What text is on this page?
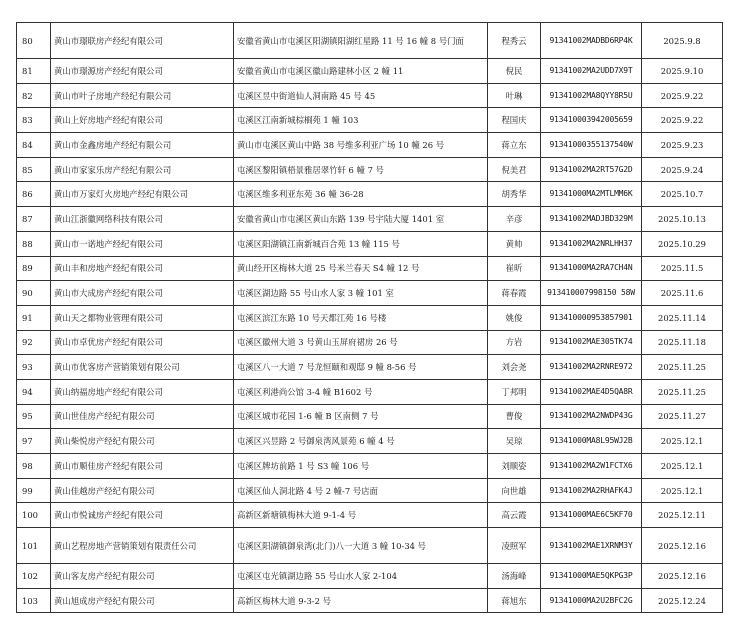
80	黄山市璟联房产经纪有限公司	安徽省黄山市屯溪区阳湖镇阳湖红星路 11 号 16 幢 8 号门面	程秀云	91341002MADBD6RP4K	2025.9.8
81	黄山市璟源房产经纪有限公司	安徽省黄山市屯溪区徽山路建林小区 2 幢 11	倪民	91341002MA2UDD7X9T	2025.9.10
82	黄山市叶子房地产经纪有限公司	屯溪区昱中街道仙人洞南路 45 号 45	叶琳	91341002MA8QYY8R5U	2025.9.22
83	黄山上好房地产经纪有限公司	屯溪区江南新城棕榈苑 1 幢 103	程国庆	913410003942005659	2025.9.22
84	黄山市金鑫房地产经纪有限公司	黄山市屯溪区黄山中路 38 号维多利亚广场 10 幢 26 号	蒋立东	91341000355137540W	2025.9.23
85	黄山市家家乐房产经纪有限公司	屯溪区黎阳镇梧景雅居翠竹轩 6 幢 7 号	倪美君	91341002MA2RT57G2D	2025.9.24
86	黄山市万家灯火房地产经纪有限公司	屯溪区维多利亚东苑 36 幢 36-28	胡秀华	91341000MA2MTLMM6K	2025.10.7
87	黄山江浙徽网络科技有限公司	安徽省黄山市屯溪区黄山东路 139 号宇陆大厦 1401 室	辛彦	91341002MADJBD329M	2025.10.13
88	黄山市一诺地产经纪有限公司	屯溪区阳湖镇江南新城百合苑 13 幢 115 号	黄帅	91341002MA2NRLHH37	2025.10.29
89	黄山丰和房地产经纪有限公司	黄山经开区梅林大道 25 号米兰春天 S4 幢 12 号	崔昕	91341000MA2RA7CH4N	2025.11.5
90	黄山市大成房产经纪有限公司	屯溪区湖边路 55 号山水人家 3 幢 101 室	蒋春霞	913410007998150 58W	2025.11.6
91	黄山天之都物业管理有限公司	屯溪区滨江东路 10 号天都江苑 16 号楼	姚俊	913410000953857901	2025.11.14
92	黄山市卓优房产经纪有限公司	屯溪区徽州大道 3 号黄山玉屏府裙房 26 号	方岩	91341002MAE305TK74	2025.11.18
93	黄山市优客房产营销策划有限公司	屯溪区八一大道 7 号龙恒颐和观邸 9 幢 8-56 号	刘会尧	91341002MA2RNRE972	2025.11.25
94	黄山纳福房地产经纪有限公司	屯溪区利港尚公馆 3-4 幢 B1602 号	丁邦明	91341002MAE4D5QA8R	2025.11.25
95	黄山世佳房产经纪有限公司	屯溪区城市花园 1-6 幢 B 区南侧 7 号	曹俊	91341002MA2NWDP43G	2025.11.27
97	黄山柴悦房产经纪有限公司	屯溪区兴昱路 2 号御泉湾风景苑 6 幢 4 号	吴琼	91341000MA8L95WJ2B	2025.12.1
98	黄山市顺佳房产经纪有限公司	屯溪区牌坊前路 1 号 S3 幢 106 号	刘顺姿	91341002MA2W1FCTX6	2025.12.1
99	黄山佳越房产经纪有限公司	屯溪区仙人洞北路 4 号 2 幢-7 号店面	向世雄	91341002MA2RHAFK4J	2025.12.1
100	黄山市悦诚房产经纪有限公司	高新区新塘镇梅林大道 9-1-4 号	高云霞	91341000MAE6C5KF70	2025.12.11
101	黄山艺程房地产营销策划有限责任公司	屯溪区阳湖镇御泉湾(北门)八一大道 3 幢 10-34 号	凌照军	91341002MAE1XRNM3Y	2025.12.16
102	黄山客友房产经纪有限公司	屯溪区屯光镇湖边路 55 号山水人家 2-104	汤海峰	91341000MAE5QKPG3P	2025.12.16
103	黄山旭成房产经纪有限公司	高新区梅林大道 9-3-2 号	蒋旭东	91341000MA2U2BFC2G	2025.12.24
